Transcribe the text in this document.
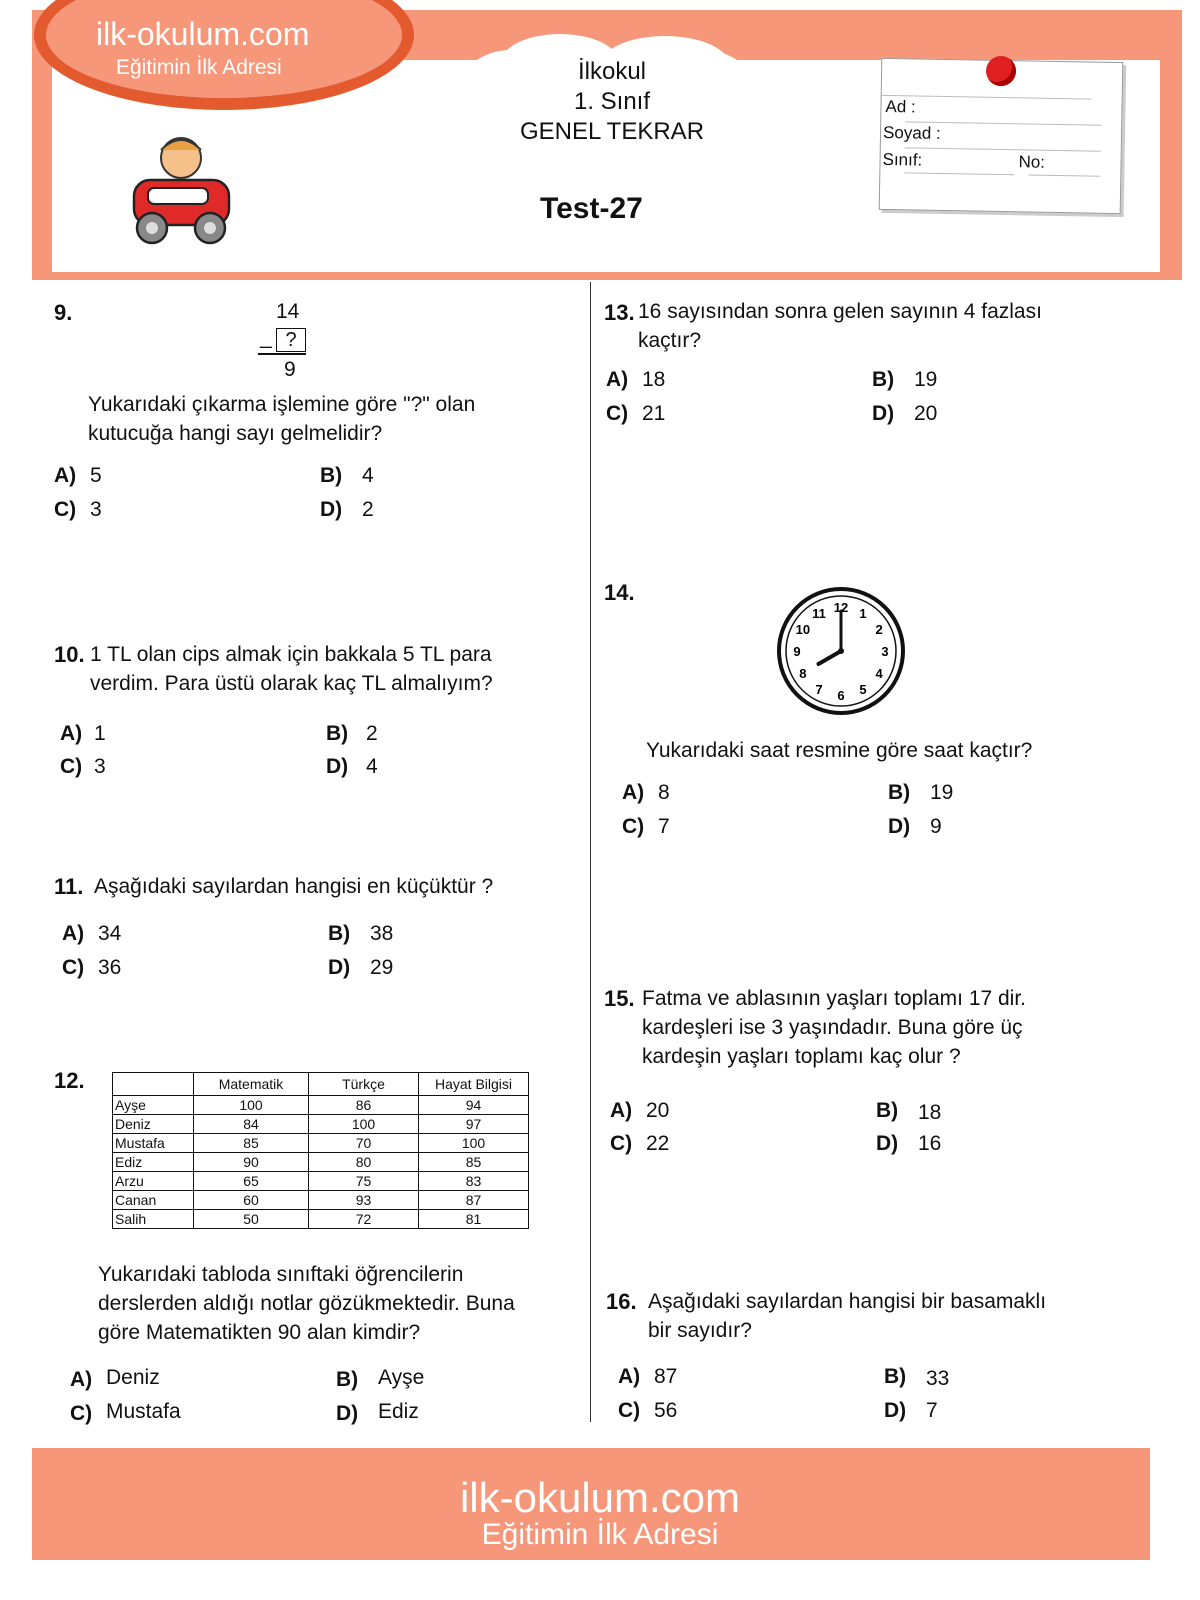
ilk-okulum.com
Eğitimin İlk Adresi	İlkokul
1. Sınıf
GENEL TEKRAR
Test-27
Ad :
Soyad :
Sınıf:	No:
9.	14
_ ?
9
Yukarıdaki çıkarma işlemine göre "?" olan
kutucuğa hangi sayı gelmelidir?
A) 5	B) 4
C) 3	D) 2
10. 1 TL olan cips almak için bakkala 5 TL para
verdim. Para üstü olarak kaç TL almalıyım?
A) 1	B) 2
C) 3	D) 4
11. Aşağıdaki sayılardan hangisi en küçüktür ?
A) 34	B) 38
C) 36	D) 29
12.
		Matematik	Türkçe	Hayat Bilgisi
Ayşe	100	86	94
Deniz	84	100	97
Mustafa	85	70	100
Ediz	90	80	85
Arzu	65	75	83
Canan	60	93	87
Salih	50	72	81
Yukarıdaki tabloda sınıftaki öğrencilerin
derslerden aldığı notlar gözükmektedir. Buna
göre Matematikten 90 alan kimdir?
A) Deniz	B) Ayşe
C) Mustafa	D) Ediz
13. 16 sayısından sonra gelen sayının 4 fazlası
kaçtır?
A) 18	B) 19
C) 21	D) 20
14.
12 1
2
3
4
5
6
7
8
9
10
11
Yukarıdaki saat resmine göre saat kaçtır?
A) 8	B) 19
C) 7	D) 9
15. Fatma ve ablasının yaşları toplamı 17 dir.
kardeşleri ise 3 yaşındadır. Buna göre üç
kardeşin yaşları toplamı kaç olur ?
A) 20	B) 18
C) 22	D) 16
16. Aşağıdaki sayılardan hangisi bir basamaklı
bir sayıdır?
A) 87	B) 33
C) 56	D) 7
ilk-okulum.com
Eğitimin İlk Adresi
